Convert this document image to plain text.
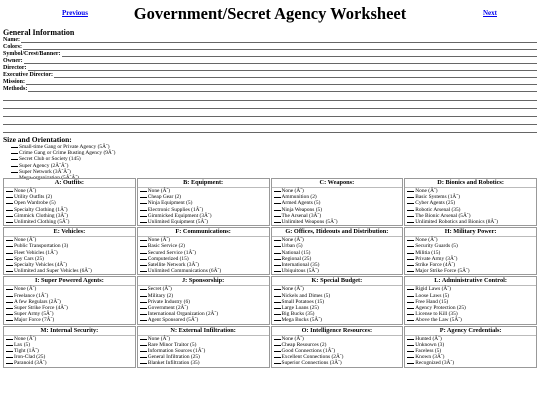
Previous	Government/Secret Agency Worksheet	Next
General Information
Name:
Colors:
Symbol/Crest/Banner:
Owner:
Director:
Executive Director:
Mission:
Methods:
Size and Orientation:
Small-time Gang or Private Agency (5Â˜)
Crime Gang or Crime Busting Agency (9Â˜)
Secret Club or Society (145)
Super Agency (2Â˜Â˜)
Super Network (3Â˜Â˜)
Mega-organization (5Â˜Â˜)
A: Outfits:
None (Â˜)
Utility Outfits (2)
Open Wardrobe (5)
Specialty Clothing (1Â˜)
Gimmick Clothing (3Â˜)
Unlimited Clothing (5Â˜)
B: Equipment:
None (Â˜)
Cheap Gear (2)
Ninja Equipment (5)
Electronic Supplies (1Â˜)
Gimmicked Equipment (3Â˜)
Unlimited Equipment (5Â˜)
C: Weapons:
None (Â˜)
Ammunition (2)
Armed Agents (5)
Ninja Weapons (5)
The Arsenal (3Â˜)
Unlimited Weapons (5Â˜)
D: Bionics and Robotics:
None (Â˜)
Basic Systems (1Â˜)
Cyber Agents (25)
Robotic Arsenal (35)
The Bionic Arsenal (5Â˜)
Unlimited Robotics and Bionics (8Â˜)
E: Vehicles:
None (Â˜)
Public Transportation (3)
Fleet Vehicles (1Â˜)
Spy Cars (25)
Specialty Vehicles (4Â˜)
Unlimited and Super Vehicles (6Â˜)
F: Communications:
None (Â˜)
Basic Service (2)
Secured Service (1Â˜)
Computerized (15)
Satellite Network (3Â˜)
Unlimited Communications (6Â˜)
G: Offices, Hideouts and Distribution:
None (Â˜)
Urban (5)
National (15)
Regional (25)
International (35)
Ubiquitous (5Â˜)
H: Military Power:
None (Â˜)
Security Guards (5)
Militia (15)
Private Army (3Â˜)
Strike Force (4Â˜)
Major Strike Force (5Â˜)
I: Super Powered Agents:
None (Â˜)
Freelance (1Â˜)
A few Regulars (2Â˜)
Super Strike Force (4Â˜)
Super Army (5Â˜)
Major Force (7Â˜)
J: Sponsorship:
Secret (Â˜)
Military (2)
Private Industry (6)
Government (2Â˜)
International Organization (2Â˜)
Agent Sponsored (5Â˜)
K: Special Budget:
None (Â˜)
Nickels and Dimes (5)
Small Potatoes (15)
Large Loans (25)
Big Bucks (35)
Mega Bucks (5Â˜)
L: Administrative Control:
Rigid Laws (Â˜)
Loose Laws (5)
Free Hand (15)
Agency Protection (25)
License to Kill (35)
Above the Law (5Â˜)
M: Internal Security:
None (Â˜)
Lax (5)
Tight (1Â˜)
Iron-Clad (25)
Paranoid (3Â˜)
N: External Infiltration:
None (Â˜)
Rare Minor Traitor (5)
Information Sources (1Â˜)
General Infiltration (25)
Blanket Infiltration (35)
O: Intelligence Resources:
None (Â˜)
Cheap Resources (2)
Good Connections (1Â˜)
Excellent Connections (2Â˜)
Superior Connections (3Â˜)
P: Agency Credentials:
Hunted (Â˜)
Unknown (3)
Faceless (5)
Known (3Â˜)
Recognized (3Â˜)
